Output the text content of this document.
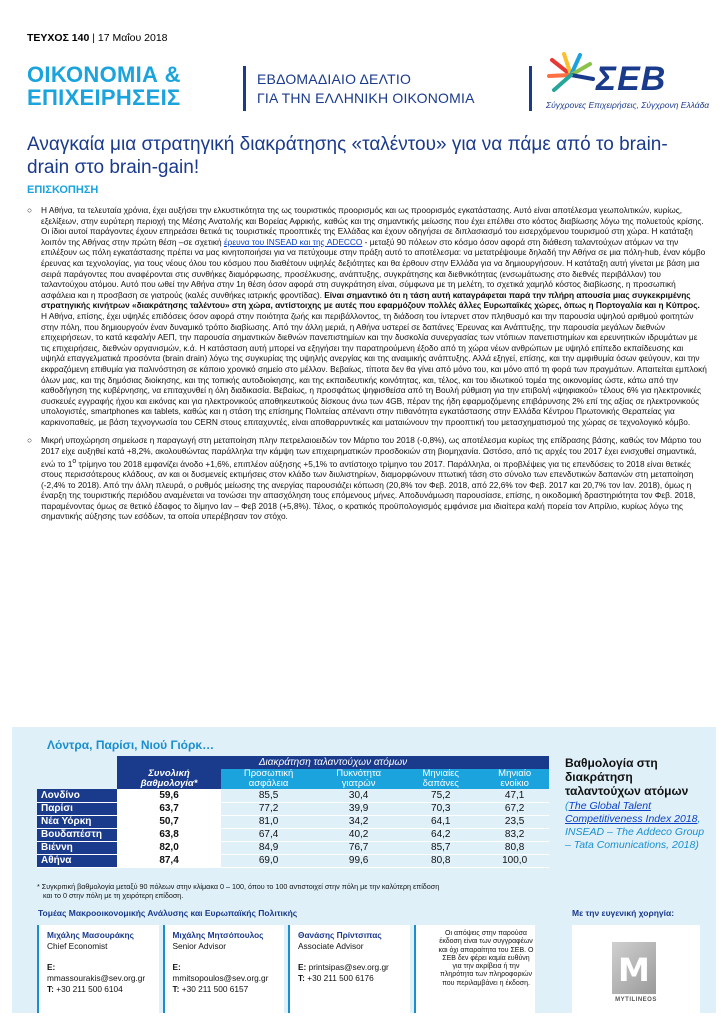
ΤΕΥΧΟΣ 140 | 17 Μαΐου 2018
ΟΙΚΟΝΟΜΙΑ &
ΕΠΙΧΕΙΡΗΣΕΙΣ
ΕΒΔΟΜΑΔΙΑΙΟ ΔΕΛΤΙΟ
ΓΙΑ ΤΗΝ ΕΛΛΗΝΙΚΗ ΟΙΚΟΝΟΜΙΑ	ΣΕΒ
Σύγχρονες Επιχειρήσεις, Σύγχρονη Ελλάδα
Αναγκαία μια στρατηγική διακράτησης «ταλέντου» για να πάμε από το brain-drain στο brain-gain!
ΕΠΙΣΚΟΠΗΣΗ
○ Η Αθήνα, τα τελευταία χρόνια, έχει αυξήσει την ελκυστικότητα της ως τουριστικός προορισμός και ως προορισμός εγκατάστασης. Αυτό είναι αποτέλεσμα γεωπολιτικών, κυρίως, εξελίξεων, στην ευρύτερη περιοχή της Μέσης Ανατολής και Βορείας Αφρικής, καθώς και της σημαντικής μείωσης που έχει επέλθει στο κόστος διαβίωσης λόγω της πολυετούς κρίσης. Οι ίδιοι αυτοί παράγοντες έχουν επηρεάσει θετικά τις τουριστικές προοπτικές της Ελλάδας και έχουν οδηγήσει σε διπλασιασμό του εισερχόμενου τουρισμού στη χώρα. Η κατάταξη λοιπόν της Αθήνας στην πρώτη θέση –σε σχετική έρευνα του INSEAD και της ADECCO - μεταξύ 90 πόλεων στο κόσμο όσον αφορά στη διάθεση ταλαντούχων ατόμων να την επιλέξουν ως πόλη εγκατάστασης πρέπει να μας κινητοποιήσει για να πετύχουμε στην πράξη αυτό το αποτέλεσμα: να μετατρέψουμε δηλαδή την Αθήνα σε μια πόλη-hub, έναν κόμβο έρευνας και τεχνολογίας, για τους νέους όλου του κόσμου που διαθέτουν υψηλές δεξιότητες και θα έρθουν στην Ελλάδα για να δημιουργήσουν. Η κατάταξη αυτή γίνεται με βάση μια σειρά παράγοντες που αναφέρονται στις συνθήκες διαμόρφωσης, προσέλκυσης, ανάπτυξης, συγκράτησης και διεθνικότητας (ενσωμάτωσης στο διεθνές περιβάλλον) του ταλαντούχου ατόμου. Αυτό που ωθεί την Αθήνα στην 1η θέση όσον αφορά στη συγκράτηση είναι, σύμφωνα με τη μελέτη, το σχετικά χαμηλό κόστος διαβίωσης, η προσωπική ασφάλεια και η προσβαση σε γιατρούς (καλές συνθήκες ιατρικής φροντίδας). Είναι σημαντικό ότι η τάση αυτή καταγράφεται παρά την πλήρη απουσία μιας συγκεκριμένης στρατηγικής κινήτρων «διακράτησης ταλέντου» στη χώρα, αντίστοιχης με αυτές που εφαρμόζουν πολλές άλλες Ευρωπαϊκές χώρες, όπως η Πορτογαλία και η Κύπρος. Η Αθήνα, επίσης, έχει υψηλές επιδόσεις όσον αφορά στην ποιότητα ζωής και περιβάλλοντος, τη διάδοση του ίντερνετ στον πληθυσμό και την παρουσία υψηλού αριθμού φοιτητών στην πόλη, που δημιουργούν έναν δυναμικό τρόπο διαβίωσης. Από την άλλη μεριά, η Αθήνα υστερεί σε δαπάνες Έρευνας και Ανάπτυξης, την παρουσία μεγάλων διεθνών επιχειρήσεων, το κατά κεφαλήν ΑΕΠ, την παρουσία σημαντικών διεθνών πανεπιστημίων και την δυσκολία συνεργασίας των ντόπιων πανεπιστημίων και ερευνητικών ιδρυμάτων με τις επιχειρήσεις, διεθνών οργανισμών, κ.ά. Η κατάσταση αυτή μπορεί να εξηγήσει την παρατηρούμενη έξοδο από τη χώρα νέων ανθρώπων με υψηλό επίπεδο εκπαίδευσης και υψηλά επαγγελματικά προσόντα (brain drain) λόγω της συγκυρίας της υψηλής ανεργίας και της αναιμικής ανάπτυξης. Αλλά εξηγεί, επίσης, και την αμφιθυμία όσων φεύγουν, και την εκφραζόμενη επιθυμία για παλινόστηση σε κάποιο χρονικό σημείο στο μέλλον. Βεβαίως, τίποτα δεν θα γίνει από μόνο του, και μόνο από τη φορά των πραγμάτων. Απαιτείται εμπλοκή όλων μας, και της δημόσιας διοίκησης, και της τοπικής αυτοδιοίκησης, και της εκπαιδευτικής κοινότητας, και, τέλος, και του ιδιωτικού τομέα της οικονομίας ώστε, κάτω από την καθοδήγηση της κυβέρνησης, να επιταχυνθεί η όλη διαδικασία. Βεβαίως, η προσφάτως ψηφισθείσα από τη Βουλή ρύθμιση για την επιβολή «ψηφιακού» τέλους 6% για ηλεκτρονικές συσκευές εγγραφής ήχου και εικόνας και για ηλεκτρονικούς αποθηκευτικούς δίσκους άνω των 4GB, πέραν της ήδη εφαρμοζόμενης επιβάρυνσης 2% επί της αξίας σε ηλεκτρονικούς υπολογιστές, smartphones και tablets, καθώς και η στάση της επίσημης Πολιτείας απέναντι στην πιθανότητα εγκατάστασης στην Ελλάδα Κέντρου Πρωτονικής Θεραπείας για καρκινοπαθείς, με βάση τεχνογνωσία του CERN στους επιταχυντές, είναι αποθαρρυντικές και ματαιώνουν την προοπτική του μετασχηματισμού της χώρας σε τεχνολογικό κόμβο.
○ Μικρή υποχώρηση σημείωσε η παραγωγή στη μεταποίηση πλην πετρελαιοειδών τον Μάρτιο του 2018 (-0,8%), ως αποτέλεσμα κυρίως της επίδρασης βάσης, καθώς τον Μάρτιο του 2017 είχε αυξηθεί κατά +8,2%, ακολουθώντας παράλληλα την κάμψη των επιχειρηματικών προσδοκιών στη βιομηχανία. Ωστόσο, από τις αρχές του 2017 έχει ενισχυθεί σημαντικά, ενώ το $1^o$ τρίμηνο του 2018 εμφανίζει άνοδο +1,6%, επιπλέον αύξησης +5,1% το αντίστοιχο τρίμηνο του 2017. Παράλληλα, οι προβλέψεις για τις επενδύσεις το 2018 είναι θετικές στους περισσότερους κλάδους, αν και οι δυσμενείς εκτιμήσεις στον κλάδο των διυλιστηρίων, διαμορφώνουν πτωτική τάση στο σύνολο των επενδυτικών δαπανών στη μεταποίηση (-2,4% το 2018). Από την άλλη πλευρά, ο ρυθμός μείωσης της ανεργίας παρουσιάζει κόπωση (20,8% τον Φεβ. 2018, από 22,6% τον Φεβ. 2017 και 20,7% τον Ιαν. 2018), όμως η έναρξη της τουριστικής περιόδου αναμένεται να τονώσει την απασχόληση τους επόμενους μήνες. Αποδυνάμωση παρουσίασε, επίσης, η οικοδομική δραστηριότητα τον Φεβ. 2018, παραμένοντας όμως σε θετικό έδαφος το δίμηνο Ιαν – Φεβ 2018 (+5,8%). Τέλος, ο κρατικός προϋπολογισμός εμφάνισε μια ιδιαίτερα καλή πορεία τον Απρίλιο, κυρίως λόγω της σημαντικής αύξησης των εσόδων, τα οποία υπερέβησαν τον στόχο.
Λόντρα, Παρίσι, Νιού Γιόρκ…
	Διακράτηση ταλαντούχων ατόμων				
	Συνολική βαθμολογία*	Προσωπική ασφάλεια	Πυκνότητα γιατρών	Μηνιαίες δαπάνες	Μηνιαίο ενοίκιο
Λονδίνο	59,6	85,5	30,4	75,2	47,1
Παρίσι	63,7	77,2	39,9	70,3	67,2
Νέα Υόρκη	50,7	81,0	34,2	64,1	23,5
Βουδαπέστη	63,8	67,4	40,2	64,2	83,2
Βιέννη	82,0	84,9	76,7	85,7	80,8
Αθήνα	87,4	69,0	99,6	80,8	100,0
Βαθμολογία στη διακράτηση ταλαντούχων ατόμων
(The Global Talent Competitiveness Index 2018, INSEAD – The Addeco Group – Tata Comunications, 2018)
* Συγκριτική βαθμολογία μεταξύ 90 πόλεων στην κλίμακα 0 – 100, όπου το 100 αντιστοιχεί στην πόλη με την καλύτερη επίδοση
και το 0 στην πόλη με τη χειρότερη επίδοση.
Τομέας Μακροοικονομικής Ανάλυσης και Ευρωπαϊκής Πολιτικής	Με την ευγενική χορηγία:
Μιχάλης Μασουράκης
Chief Economist
E: mmassourakis@sev.org.gr
T: +30 211 500 6104
Μιχάλης Μητσόπουλος
Senior Advisor
E: mmitsopoulos@sev.org.gr
T: +30 211 500 6157
Θανάσης Πρίντσιπας
Associate Advisor
E: printsipas@sev.org.gr
T: +30 211 500 6176
Οι απόψεις στην παρούσα έκδοση είναι των συγγραφέων και όχι απαραίτητα του ΣΕΒ. Ο ΣΕΒ δεν φέρει καμία ευθύνη για την ακρίβεια ή την πληρότητα των πληροφοριών που περιλαμβάνει η έκδοση.	M
MYTILINEOS
